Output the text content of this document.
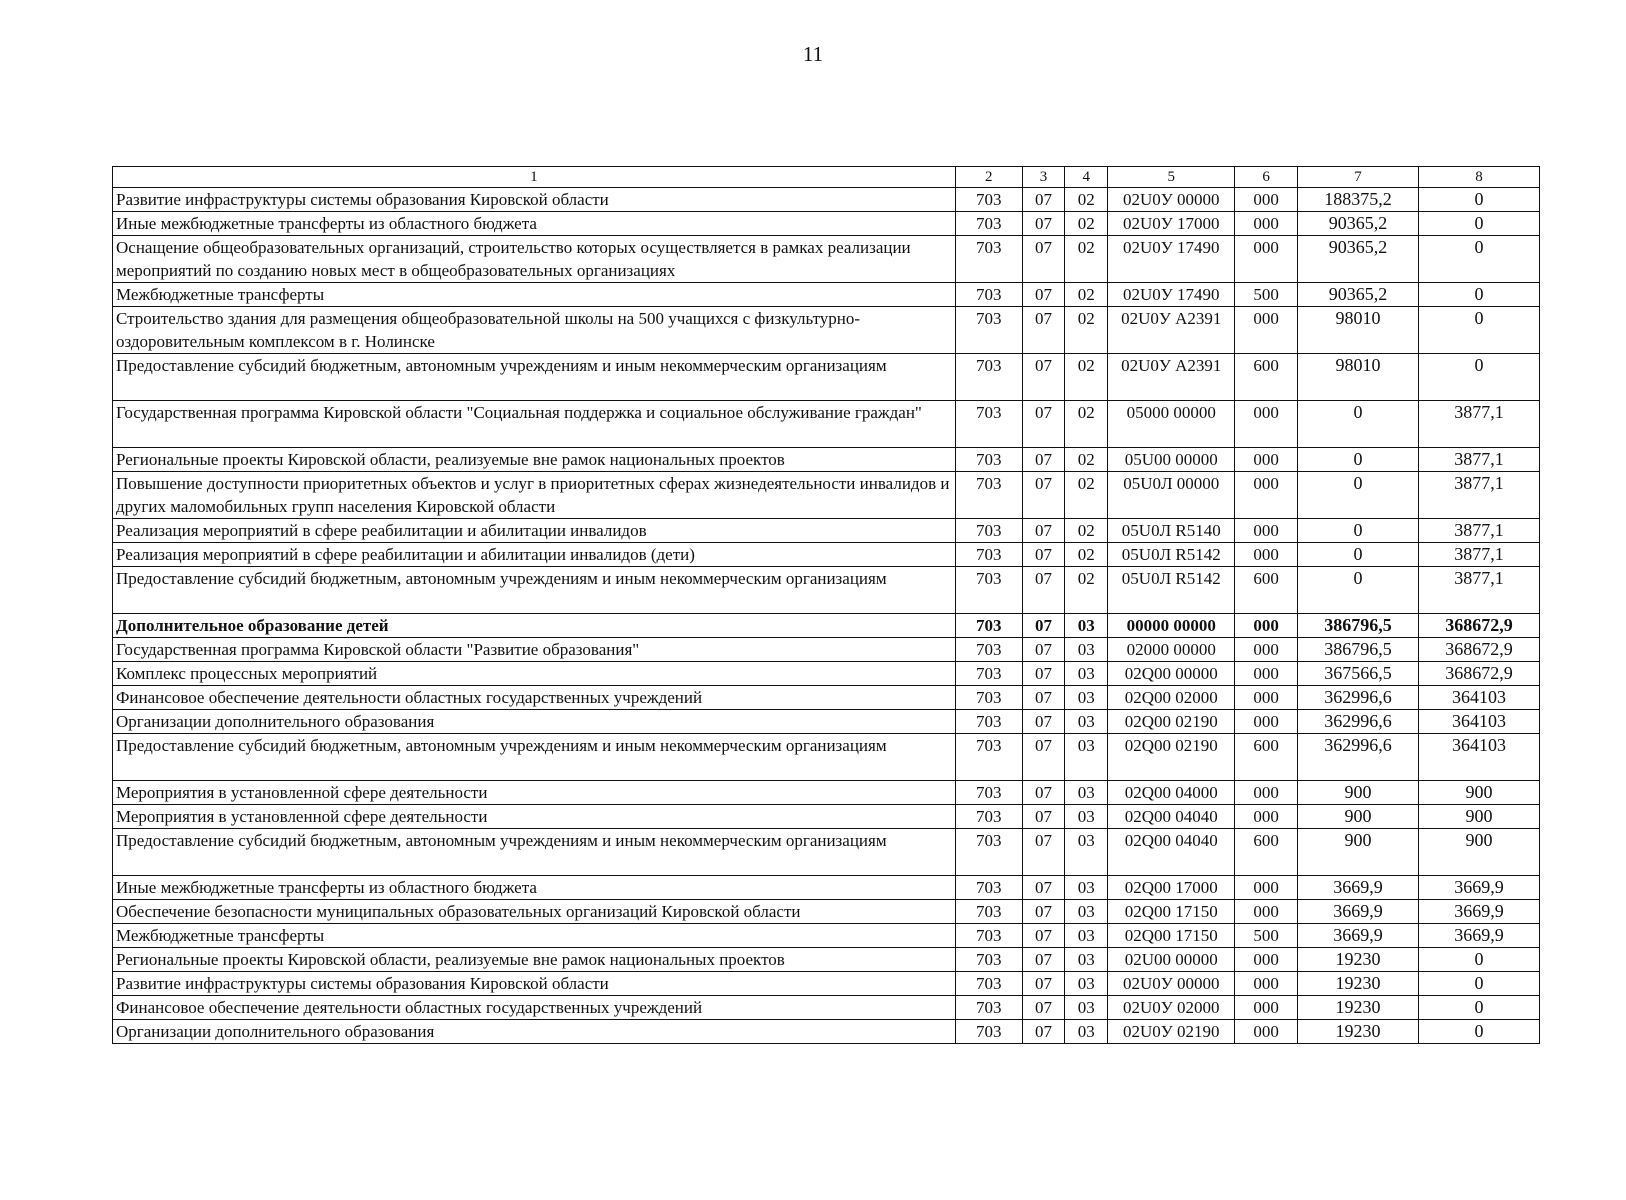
11
1	2	3	4	5	6	7	8
Развитие инфраструктуры системы образования Кировской области	703	07	02	02U0У 00000	000	188375,2	0
Иные межбюджетные трансферты из областного бюджета	703	07	02	02U0У 17000	000	90365,2	0
Оснащение общеобразовательных организаций, строительство которых осуществляется в рамках реализации мероприятий по созданию новых мест в общеобразовательных организациях	703	07	02	02U0У 17490	000	90365,2	0
Межбюджетные трансферты	703	07	02	02U0У 17490	500	90365,2	0
Строительство здания для размещения общеобразовательной школы на 500 учащихся с физкультурно-оздоровительным комплексом в г. Нолинске	703	07	02	02U0У А2391	000	98010	0
Предоставление субсидий бюджетным, автономным учреждениям и иным некоммерческим организациям	703	07	02	02U0У А2391	600	98010	0
Государственная программа Кировской области "Социальная поддержка и социальное обслуживание граждан"	703	07	02	05000 00000	000	0	3877,1
Региональные проекты Кировской области, реализуемые вне рамок национальных проектов	703	07	02	05U00 00000	000	0	3877,1
Повышение доступности приоритетных объектов и услуг в приоритетных сферах жизнедеятельности инвалидов и других маломобильных групп населения Кировской области	703	07	02	05U0Л 00000	000	0	3877,1
Реализация мероприятий в сфере реабилитации и абилитации инвалидов	703	07	02	05U0Л R5140	000	0	3877,1
Реализация мероприятий в сфере реабилитации и абилитации инвалидов (дети)	703	07	02	05U0Л R5142	000	0	3877,1
Предоставление субсидий бюджетным, автономным учреждениям и иным некоммерческим организациям	703	07	02	05U0Л R5142	600	0	3877,1
Дополнительное образование детей	703	07	03	00000 00000	000	386796,5	368672,9
Государственная программа Кировской области "Развитие образования"	703	07	03	02000 00000	000	386796,5	368672,9
Комплекс процессных мероприятий	703	07	03	02Q00 00000	000	367566,5	368672,9
Финансовое обеспечение деятельности областных государственных учреждений	703	07	03	02Q00 02000	000	362996,6	364103
Организации дополнительного образования	703	07	03	02Q00 02190	000	362996,6	364103
Предоставление субсидий бюджетным, автономным учреждениям и иным некоммерческим организациям	703	07	03	02Q00 02190	600	362996,6	364103
Мероприятия в установленной сфере деятельности	703	07	03	02Q00 04000	000	900	900
Мероприятия в установленной сфере деятельности	703	07	03	02Q00 04040	000	900	900
Предоставление субсидий бюджетным, автономным учреждениям и иным некоммерческим организациям	703	07	03	02Q00 04040	600	900	900
Иные межбюджетные трансферты из областного бюджета	703	07	03	02Q00 17000	000	3669,9	3669,9
Обеспечение безопасности муниципальных образовательных организаций Кировской области	703	07	03	02Q00 17150	000	3669,9	3669,9
Межбюджетные трансферты	703	07	03	02Q00 17150	500	3669,9	3669,9
Региональные проекты Кировской области, реализуемые вне рамок национальных проектов	703	07	03	02U00 00000	000	19230	0
Развитие инфраструктуры системы образования Кировской области	703	07	03	02U0У 00000	000	19230	0
Финансовое обеспечение деятельности областных государственных учреждений	703	07	03	02U0У 02000	000	19230	0
Организации дополнительного образования	703	07	03	02U0У 02190	000	19230	0
